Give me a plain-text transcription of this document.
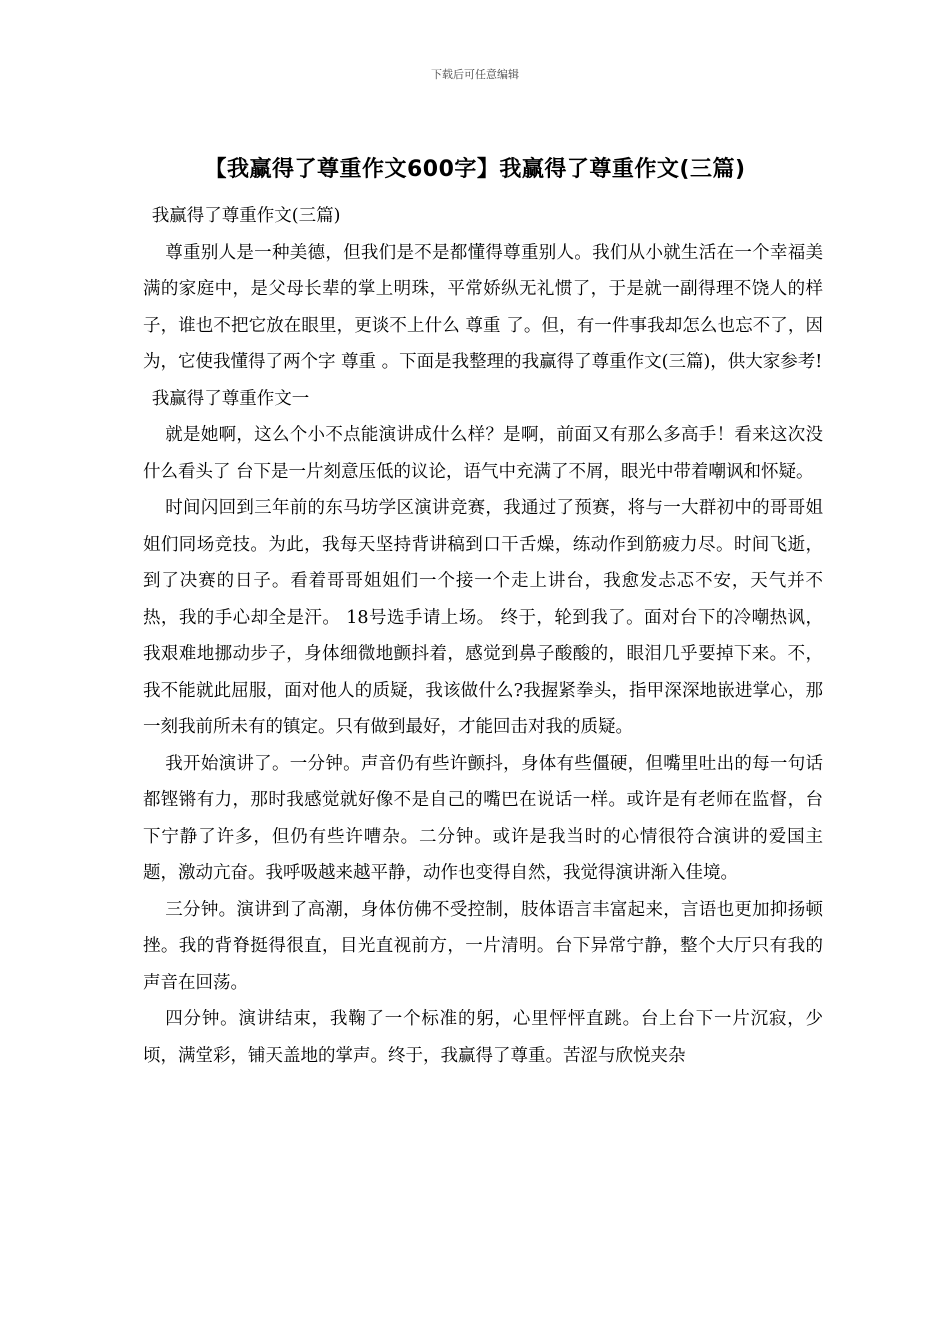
下载后可任意编辑
【我赢得了尊重作文600字】我赢得了尊重作文(三篇)

我赢得了尊重作文(三篇)

尊重别人是一种美德，但我们是不是都懂得尊重别人。我们从小就生活在一个幸福美满的家庭中，是父母长辈的掌上明珠，平常娇纵无礼惯了，于是就一副得理不饶人的样子，谁也不把它放在眼里，更谈不上什么 尊重 了。但，有一件事我却怎么也忘不了，因为，它使我懂得了两个字 尊重 。下面是我整理的我赢得了尊重作文(三篇)，供大家参考!

我赢得了尊重作文一

就是她啊，这么个小不点能演讲成什么样？是啊，前面又有那么多高手！看来这次没什么看头了 台下是一片刻意压低的议论，语气中充满了不屑，眼光中带着嘲讽和怀疑。

时间闪回到三年前的东马坊学区演讲竞赛，我通过了预赛，将与一大群初中的哥哥姐姐们同场竞技。为此，我每天坚持背讲稿到口干舌燥，练动作到筋疲力尽。时间飞逝，到了决赛的日子。看着哥哥姐姐们一个接一个走上讲台，我愈发忐忑不安，天气并不热，我的手心却全是汗。 18号选手请上场。 终于，轮到我了。面对台下的冷嘲热讽，我艰难地挪动步子，身体细微地颤抖着，感觉到鼻子酸酸的，眼泪几乎要掉下来。不，我不能就此屈服，面对他人的质疑，我该做什么?我握紧拳头，指甲深深地嵌进掌心，那一刻我前所未有的镇定。只有做到最好，才能回击对我的质疑。

我开始演讲了。一分钟。声音仍有些许颤抖，身体有些僵硬，但嘴里吐出的每一句话都铿锵有力，那时我感觉就好像不是自己的嘴巴在说话一样。或许是有老师在监督，台下宁静了许多，但仍有些许嘈杂。二分钟。或许是我当时的心情很符合演讲的爱国主题，激动亢奋。我呼吸越来越平静，动作也变得自然，我觉得演讲渐入佳境。

三分钟。演讲到了高潮，身体仿佛不受控制，肢体语言丰富起来，言语也更加抑扬顿挫。我的背脊挺得很直，目光直视前方，一片清明。台下异常宁静，整个大厅只有我的声音在回荡。

四分钟。演讲结束，我鞠了一个标准的躬，心里怦怦直跳。台上台下一片沉寂，少顷，满堂彩，铺天盖地的掌声。终于，我赢得了尊重。苦涩与欣悦夹杂
